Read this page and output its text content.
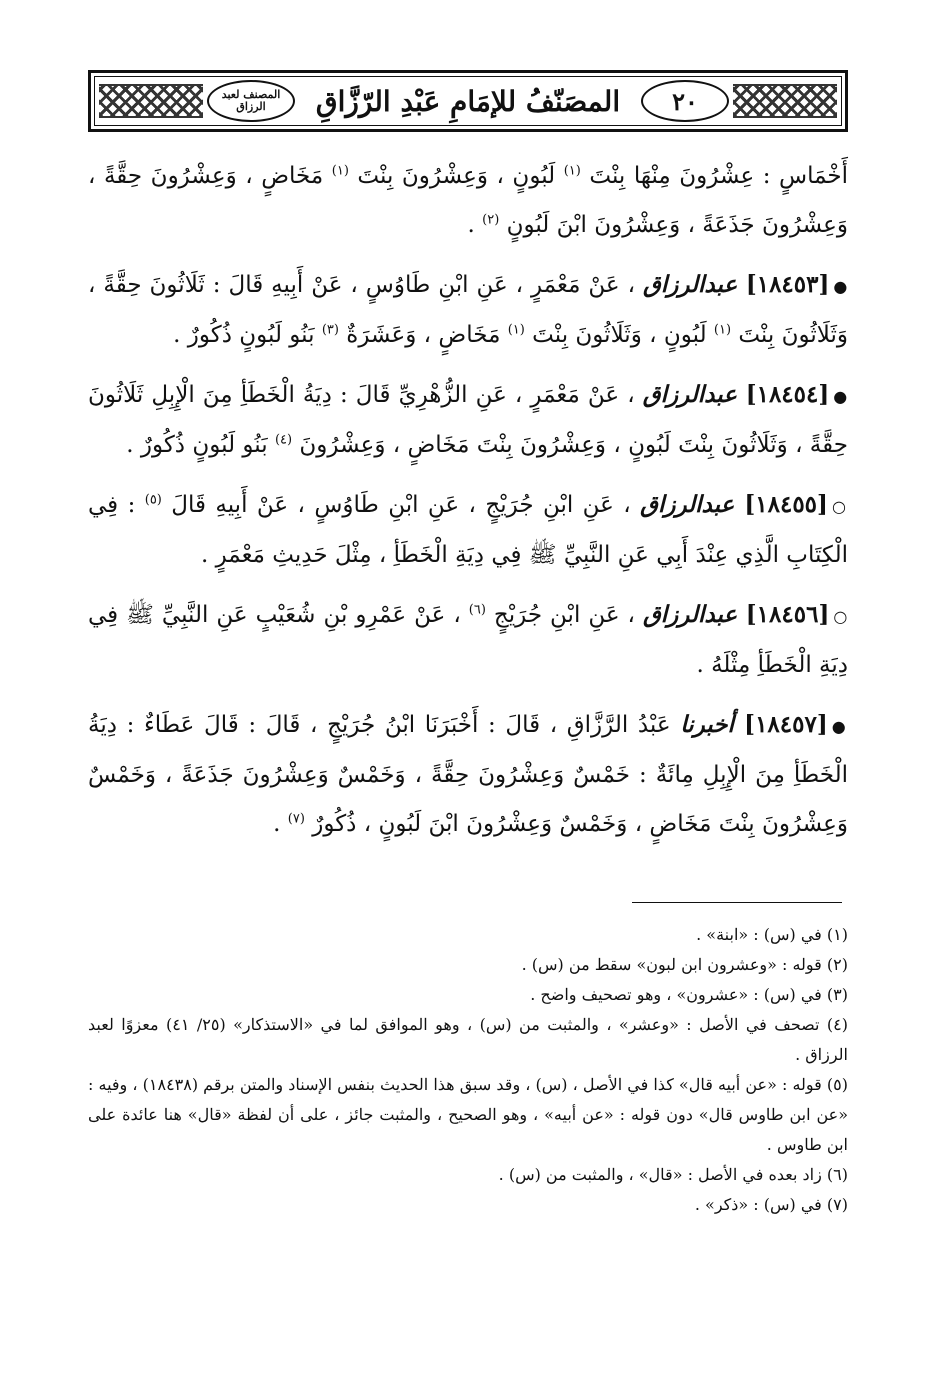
٢٠
المصَنّفُ للإمَامِ عَبْدِ الرّزَّاقِ
المصنف لعبد الرزاق

أَخْمَاسٍ : عِشْرُونَ مِنْهَا بِنْتَ $^{(١)}$ لَبُونٍ ، وَعِشْرُونَ بِنْتَ $^{(١)}$ مَخَاضٍ ، وَعِشْرُونَ حِقَّةً ، وَعِشْرُونَ جَذَعَةً ، وَعِشْرُونَ ابْنَ لَبُونٍ $^{(٢)}$ .

●[١٨٤٥٣] عبدالرزاق ، عَنْ مَعْمَرٍ ، عَنِ ابْنِ طَاوُسٍ ، عَنْ أَبِيهِ قَالَ : ثَلَاثُونَ حِقَّةً ، وَثَلَاثُونَ بِنْتَ $^{(١)}$ لَبُونٍ ، وَثَلَاثُونَ بِنْتَ $^{(١)}$ مَخَاضٍ ، وَعَشَرَةٌ $^{(٣)}$ بَنُو لَبُونٍ ذُكُورٌ .

●[١٨٤٥٤] عبدالرزاق ، عَنْ مَعْمَرٍ ، عَنِ الزُّهْرِيِّ قَالَ : دِيَةُ الْخَطَأِ مِنَ الْإِبِلِ ثَلَاثُونَ حِقَّةً ، وَثَلَاثُونَ بِنْتَ لَبُونٍ ، وَعِشْرُونَ بِنْتَ مَخَاضٍ ، وَعِشْرُونَ $^{(٤)}$ بَنُو لَبُونٍ ذُكُورٌ .

○[١٨٤٥٥] عبدالرزاق ، عَنِ ابْنِ جُرَيْجٍ ، عَنِ ابْنِ طَاوُسٍ ، عَنْ أَبِيهِ قَالَ $^{(٥)}$ : فِي الْكِتَابِ الَّذِي عِنْدَ أَبِي عَنِ النَّبِيِّ ﷺ فِي دِيَةِ الْخَطَأِ ، مِثْلَ حَدِيثِ مَعْمَرٍ .

○[١٨٤٥٦] عبدالرزاق ، عَنِ ابْنِ جُرَيْجٍ $^{(٦)}$ ، عَنْ عَمْرِو بْنِ شُعَيْبٍ عَنِ النَّبِيِّ ﷺ فِي دِيَةِ الْخَطَأِ مِثْلَهُ .

●[١٨٤٥٧] أخبرنا عَبْدُ الرَّزَّاقِ ، قَالَ : أَخْبَرَنَا ابْنُ جُرَيْجٍ ، قَالَ : قَالَ عَطَاءٌ : دِيَةُ الْخَطَأِ مِنَ الْإِبِلِ مِائَةٌ : خَمْسٌ وَعِشْرُونَ حِقَّةً ، وَخَمْسٌ وَعِشْرُونَ جَذَعَةً ، وَخَمْسٌ وَعِشْرُونَ بِنْتَ مَخَاضٍ ، وَخَمْسٌ وَعِشْرُونَ ابْنَ لَبُونٍ ، ذُكُورٌ $^{(٧)}$ .

(١) في (س) : «ابنة» .

(٢) قوله : «وعشرون ابن لبون» سقط من (س) .

(٣) في (س) : «عشرون» ، وهو تصحيف واضح .

(٤) تصحف في الأصل : «وعشر» ، والمثبت من (س) ، وهو الموافق لما في «الاستذكار» (٢٥/ ٤١) معزوًا لعبد الرزاق .

(٥) قوله : «عن أبيه قال» كذا في الأصل ، (س) ، وقد سبق هذا الحديث بنفس الإسناد والمتن برقم (١٨٤٣٨) ، وفيه : «عن ابن طاوس قال» دون قوله : «عن أبيه» ، وهو الصحيح ، والمثبت جائز ، على أن لفظة «قال» هنا عائدة على ابن طاوس .

(٦) زاد بعده في الأصل : «قال» ، والمثبت من (س) .

(٧) في (س) : «ذكر» .
